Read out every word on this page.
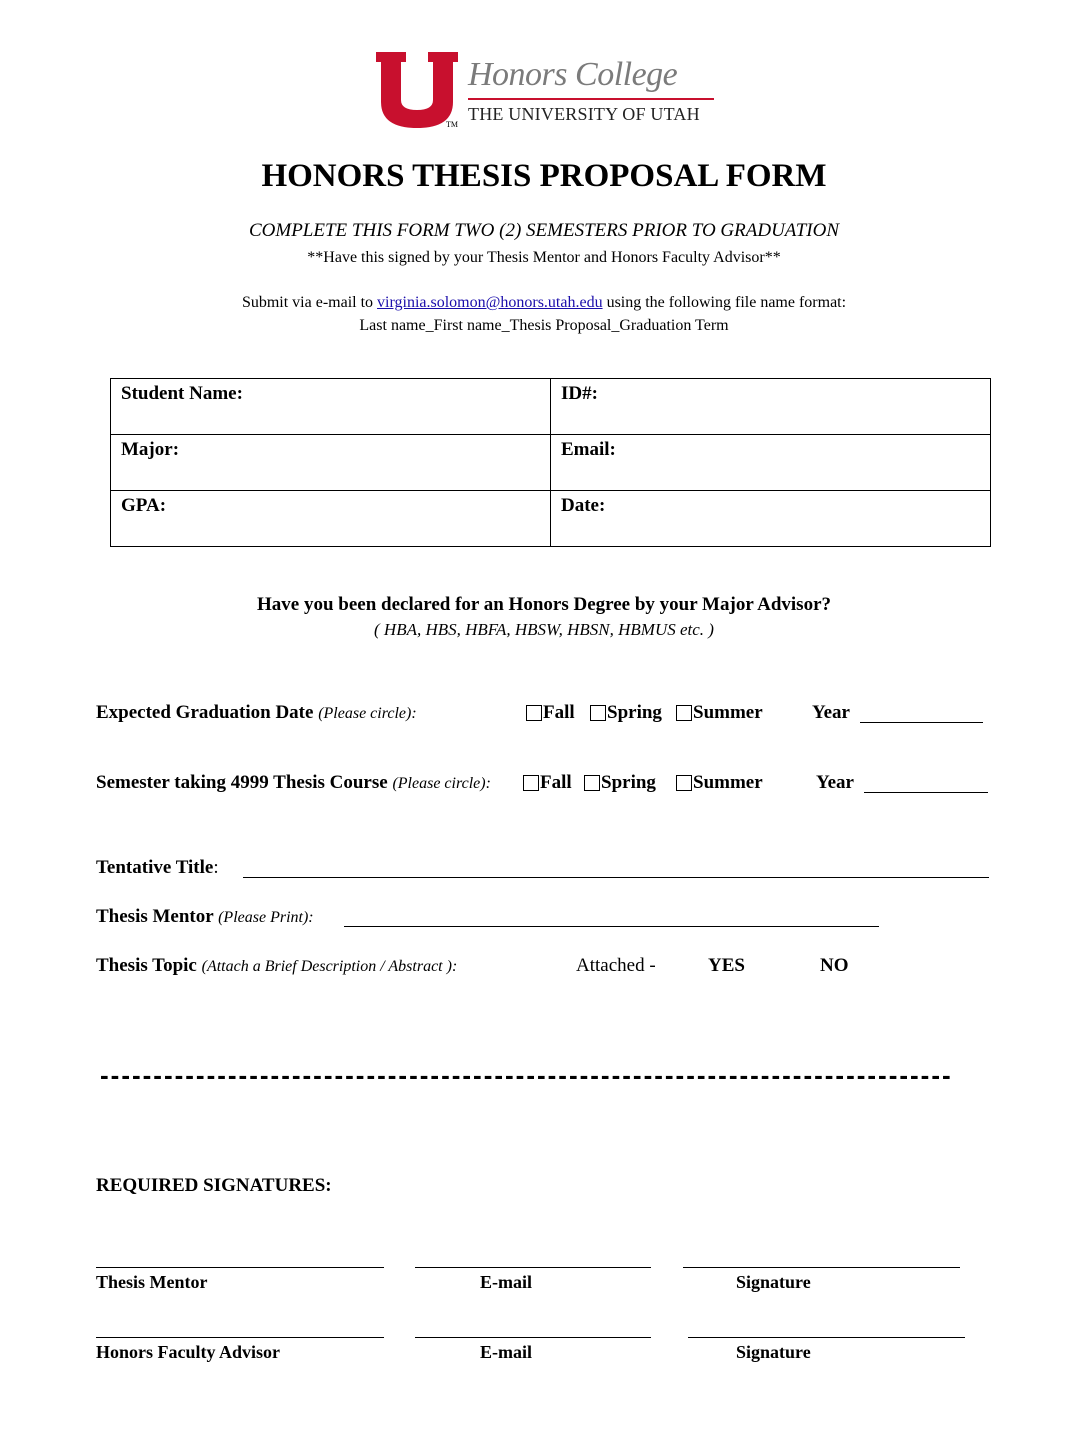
TM
Honors College
THE UNIVERSITY OF UTAH
HONORS THESIS PROPOSAL FORM
COMPLETE THIS FORM TWO (2) SEMESTERS PRIOR TO GRADUATION
**Have this signed by your Thesis Mentor and Honors Faculty Advisor**
Submit via e-mail to virginia.solomon@honors.utah.edu using the following file name format:
Last name_First name_Thesis Proposal_Graduation Term
Student Name:	ID#:
Major:	Email:
GPA:	Date:
Have you been declared for an Honors Degree by your Major Advisor?
( HBA, HBS, HBFA, HBSW, HBSN, HBMUS etc. )
Expected Graduation Date (Please circle):	Fall Spring Summer	Year
Semester taking 4999 Thesis Course (Please circle):	Fall Spring Summer	Year
Tentative Title:
Thesis Mentor (Please Print):
Thesis Topic (Attach a Brief Description / Abstract ):	Attached -	YES	NO
--------------------------------------------------------------------------------
REQUIRED SIGNATURES:
Thesis Mentor	E-mail	Signature
Honors Faculty Advisor	E-mail	Signature
